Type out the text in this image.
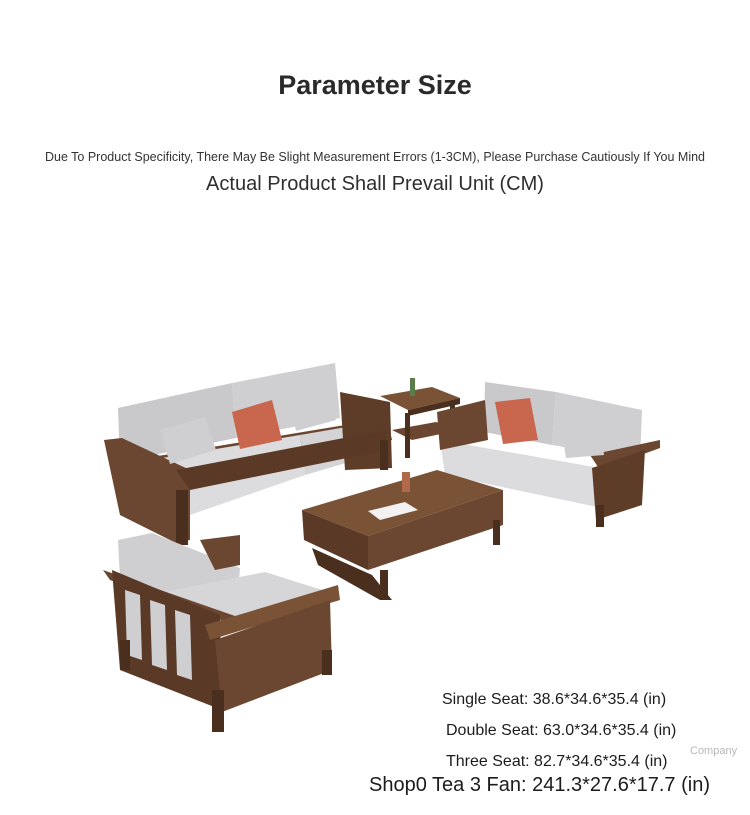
Parameter Size
Due To Product Specificity, There May Be Slight Measurement Errors (1-3CM), Please Purchase Cautiously If You Mind
Actual Product Shall Prevail Unit (CM)
Single Seat: 38.6*34.6*35.4 (in)
Double Seat: 63.0*34.6*35.4 (in)
Three Seat: 82.7*34.6*35.4 (in)
Shop0 Tea 3 Fan: 241.3*27.6*17.7 (in)
Company
